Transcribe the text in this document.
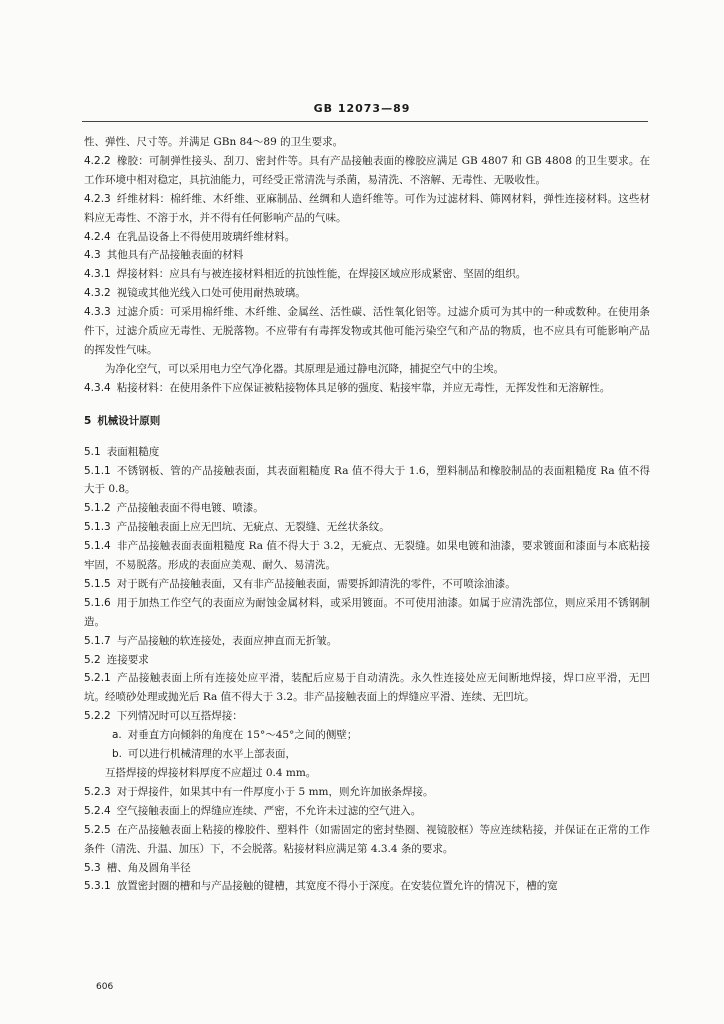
GB 12073—89

性、弹性、尺寸等。并满足 GBn 84～89 的卫生要求。

4.2.2 橡胶：可制弹性接头、刮刀、密封件等。具有产品接触表面的橡胶应满足 GB 4807 和 GB 4808 的卫生要求。在工作环境中相对稳定，具抗油能力，可经受正常清洗与杀菌，易清洗、不溶解、无毒性、无吸收性。

4.2.3 纤维材料：棉纤维、木纤维、亚麻制品、丝绸和人造纤维等。可作为过滤材料、筛网材料，弹性连接材料。这些材料应无毒性、不溶于水，并不得有任何影响产品的气味。

4.2.4 在乳品设备上不得使用玻璃纤维材料。

4.3 其他具有产品接触表面的材料

4.3.1 焊接材料：应具有与被连接材料相近的抗蚀性能，在焊接区域应形成紧密、坚固的组织。

4.3.2 视镜或其他光线入口处可使用耐热玻璃。

4.3.3 过滤介质：可采用棉纤维、木纤维、金属丝、活性碳、活性氧化铝等。过滤介质可为其中的一种或数种。在使用条件下，过滤介质应无毒性、无脱落物。不应带有有毒挥发物或其他可能污染空气和产品的物质，也不应具有可能影响产品的挥发性气味。

为净化空气，可以采用电力空气净化器。其原理是通过静电沉降，捕捉空气中的尘埃。

4.3.4 粘接材料：在使用条件下应保证被粘接物体具足够的强度、粘接牢靠，并应无毒性，无挥发性和无溶解性。

5 机械设计原则

5.1 表面粗糙度

5.1.1 不锈钢板、管的产品接触表面，其表面粗糙度 Ra 值不得大于 1.6，塑料制品和橡胶制品的表面粗糙度 Ra 值不得大于 0.8。

5.1.2 产品接触表面不得电镀、喷漆。

5.1.3 产品接触表面上应无凹坑、无疵点、无裂缝、无丝状条纹。

5.1.4 非产品接触表面表面粗糙度 Ra 值不得大于 3.2，无疵点、无裂缝。如果电镀和油漆，要求镀面和漆面与本底粘接牢固，不易脱落。形成的表面应美观、耐久、易清洗。

5.1.5 对于既有产品接触表面，又有非产品接触表面，需要拆卸清洗的零件，不可喷涂油漆。

5.1.6 用于加热工作空气的表面应为耐蚀金属材料，或采用镀面。不可使用油漆。如属于应清洗部位，则应采用不锈钢制造。

5.1.7 与产品接触的软连接处，表面应抻直而无折皱。

5.2 连接要求

5.2.1 产品接触表面上所有连接处应平滑，装配后应易于自动清洗。永久性连接处应无间断地焊接，焊口应平滑，无凹坑。经喷砂处理或抛光后 Ra 值不得大于 3.2。非产品接触表面上的焊缝应平滑、连续、无凹坑。

5.2.2 下列情况时可以互搭焊接：

a. 对垂直方向倾斜的角度在 15°～45°之间的侧壁；

b. 可以进行机械清理的水平上部表面，

互搭焊接的焊接材料厚度不应超过 0.4 mm。

5.2.3 对于焊接件，如果其中有一件厚度小于 5 mm，则允许加嵌条焊接。

5.2.4 空气接触表面上的焊缝应连续、严密，不允许未过滤的空气进入。

5.2.5 在产品接触表面上粘接的橡胶件、塑料件（如需固定的密封垫圈、视镜胶框）等应连续粘接，并保证在正常的工作条件（清洗、升温、加压）下，不会脱落。粘接材料应满足第 4.3.4 条的要求。

5.3 槽、角及圆角半径

5.3.1 放置密封圈的槽和与产品接触的键槽，其宽度不得小于深度。在安装位置允许的情况下，槽的宽

606
